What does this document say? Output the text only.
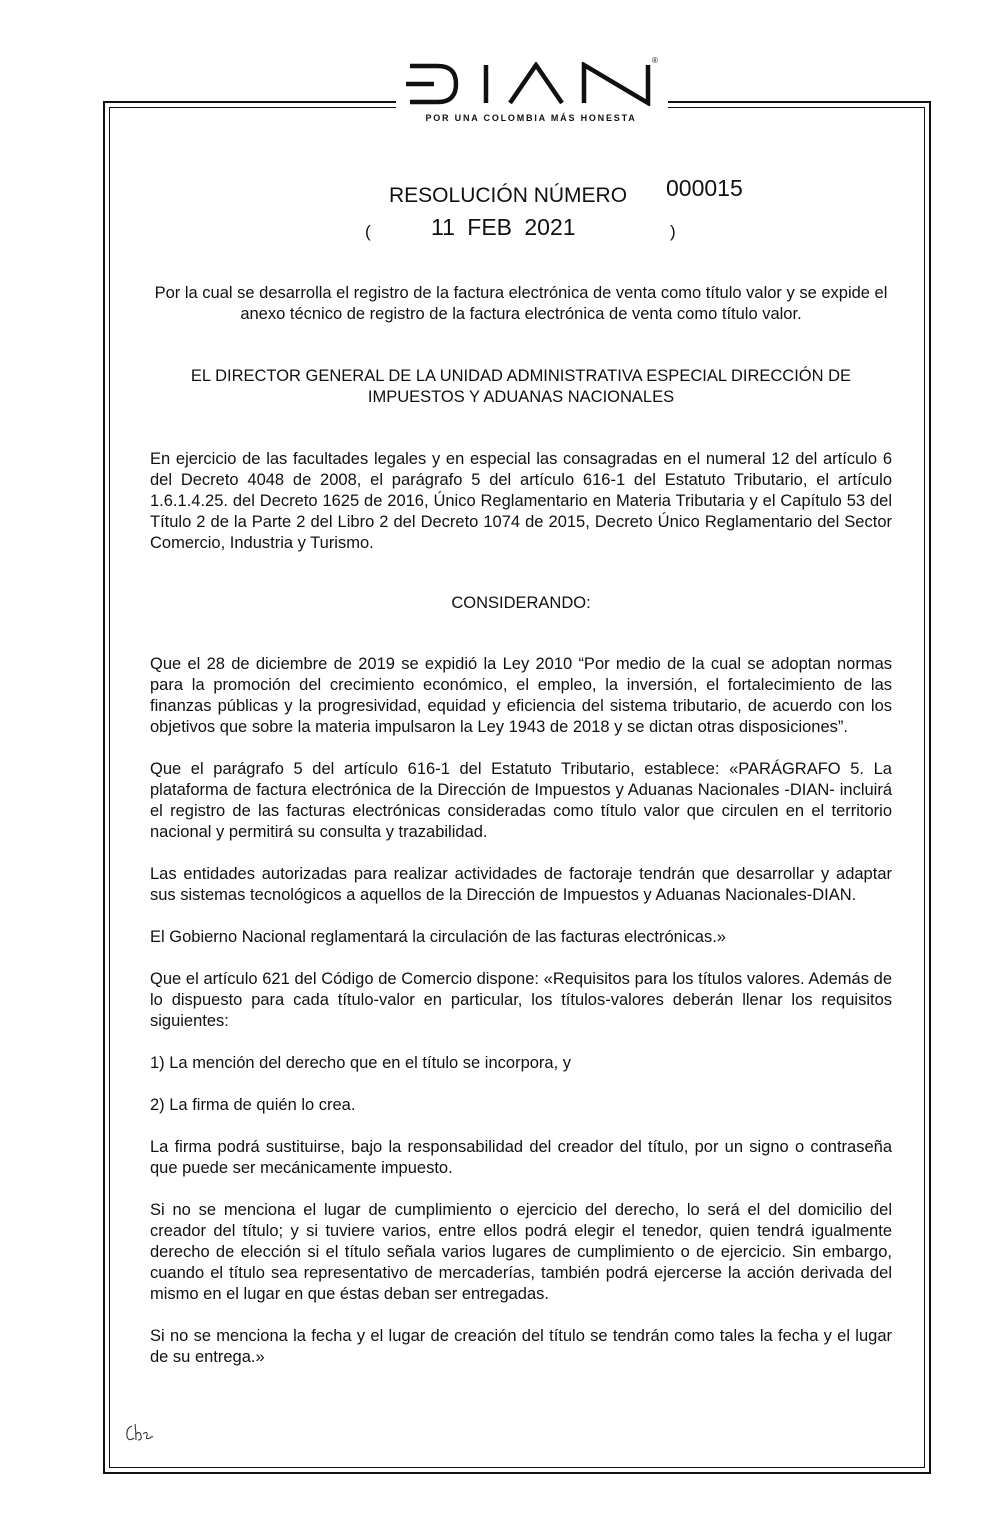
®
POR UNA COLOMBIA MÁS HONESTA
RESOLUCIÓN NÚMERO 000015
(	11 FEB 2021	)
Por la cual se desarrolla el registro de la factura electrónica de venta como título valor y se expide el anexo técnico de registro de la factura electrónica de venta como título valor.
EL DIRECTOR GENERAL DE LA UNIDAD ADMINISTRATIVA ESPECIAL DIRECCIÓN DE IMPUESTOS Y ADUANAS NACIONALES

En ejercicio de las facultades legales y en especial las consagradas en el numeral 12 del artículo 6 del Decreto 4048 de 2008, el parágrafo 5 del artículo 616-1 del Estatuto Tributario, el artículo 1.6.1.4.25. del Decreto 1625 de 2016, Único Reglamentario en Materia Tributaria y el Capítulo 53 del Título 2 de la Parte 2 del Libro 2 del Decreto 1074 de 2015, Decreto Único Reglamentario del Sector Comercio, Industria y Turismo.

CONSIDERANDO:

Que el 28 de diciembre de 2019 se expidió la Ley 2010 “Por medio de la cual se adoptan normas para la promoción del crecimiento económico, el empleo, la inversión, el fortalecimiento de las finanzas públicas y la progresividad, equidad y eficiencia del sistema tributario, de acuerdo con los objetivos que sobre la materia impulsaron la Ley 1943 de 2018 y se dictan otras disposiciones”.

Que el parágrafo 5 del artículo 616-1 del Estatuto Tributario, establece: «PARÁGRAFO 5. La plataforma de factura electrónica de la Dirección de Impuestos y Aduanas Nacionales -DIAN- incluirá el registro de las facturas electrónicas consideradas como título valor que circulen en el territorio nacional y permitirá su consulta y trazabilidad.

Las entidades autorizadas para realizar actividades de factoraje tendrán que desarrollar y adaptar sus sistemas tecnológicos a aquellos de la Dirección de Impuestos y Aduanas Nacionales-DIAN.

El Gobierno Nacional reglamentará la circulación de las facturas electrónicas.»

Que el artículo 621 del Código de Comercio dispone: «Requisitos para los títulos valores. Además de lo dispuesto para cada título-valor en particular, los títulos-valores deberán llenar los requisitos siguientes:

1) La mención del derecho que en el título se incorpora, y

2) La firma de quién lo crea.

La firma podrá sustituirse, bajo la responsabilidad del creador del título, por un signo o contraseña que puede ser mecánicamente impuesto.

Si no se menciona el lugar de cumplimiento o ejercicio del derecho, lo será el del domicilio del creador del título; y si tuviere varios, entre ellos podrá elegir el tenedor, quien tendrá igualmente derecho de elección si el título señala varios lugares de cumplimiento o de ejercicio. Sin embargo, cuando el título sea representativo de mercaderías, también podrá ejercerse la acción derivada del mismo en el lugar en que éstas deban ser entregadas.

Si no se menciona la fecha y el lugar de creación del título se tendrán como tales la fecha y el lugar de su entrega.»
